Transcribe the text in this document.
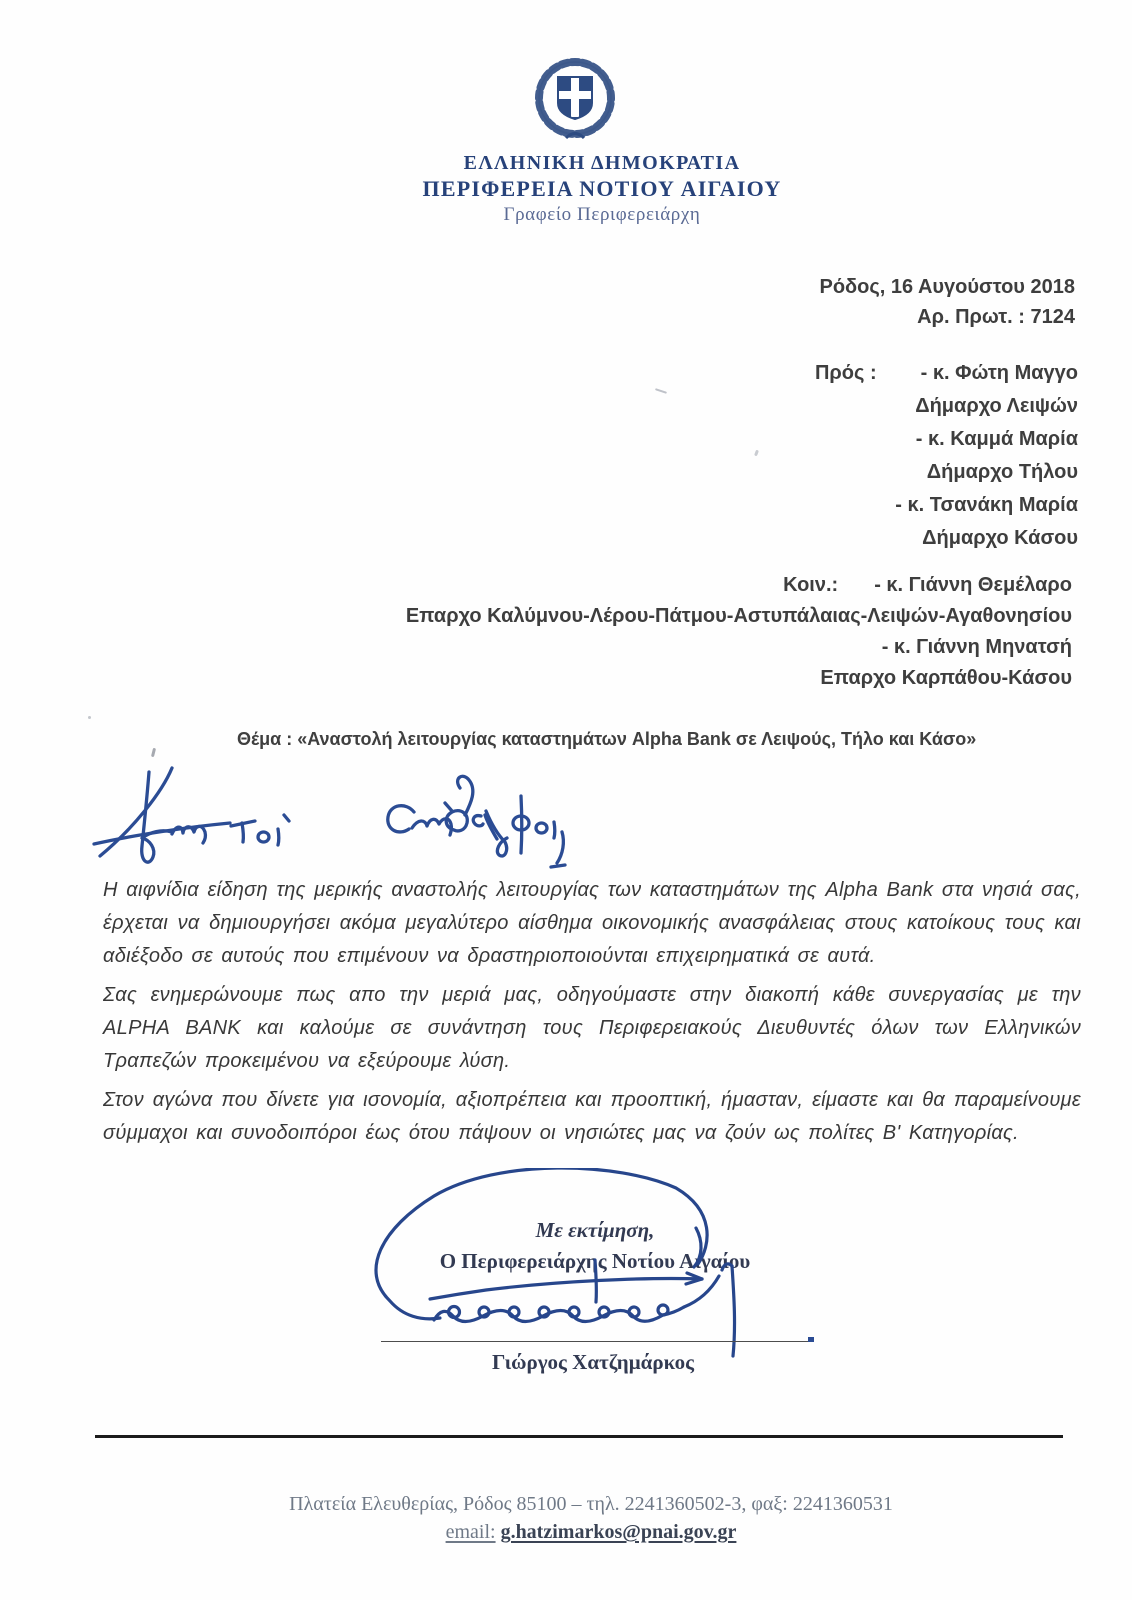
ΕΛΛΗΝΙΚΗ ΔΗΜΟΚΡΑΤΙΑ
ΠΕΡΙΦΕΡΕΙΑ ΝΟΤΙΟΥ ΑΙΓΑΙΟΥ
Γραφείο Περιφερειάρχη
Ρόδος, 16 Αυγούστου 2018
Αρ. Πρωτ. : 7124
Πρός : - κ. Φώτη Μαγγο
Δήμαρχο Λειψών
- κ. Καμμά Μαρία
Δήμαρχο Τήλου
- κ. Τσανάκη Μαρία
Δήμαρχο Κάσου
Κοιν.: - κ. Γιάννη Θεμέλαρο
Επαρχο Καλύμνου-Λέρου-Πάτμου-Αστυπάλαιας-Λειψών-Αγαθονησίου
- κ. Γιάννη Μηνατσή
Επαρχο Καρπάθου-Κάσου
Θέμα : «Αναστολή λειτουργίας καταστημάτων Alpha Bank σε Λειψούς, Τήλο και Κάσο»

Η αιφνίδια είδηση της μερικής αναστολής λειτουργίας των καταστημάτων της Alpha Bank στα νησιά σας, έρχεται να δημιουργήσει ακόμα μεγαλύτερο αίσθημα οικονομικής ανασφάλειας στους κατοίκους τους και αδιέξοδο σε αυτούς που επιμένουν να δραστηριοποιούνται επιχειρηματικά σε αυτά.

Σας ενημερώνουμε πως απο την μεριά μας, οδηγούμαστε στην διακοπή κάθε συνεργασίας με την ALPHA BANK και καλούμε σε συνάντηση τους Περιφερειακούς Διευθυντές όλων των Ελληνικών Τραπεζών προκειμένου να εξεύρουμε λύση.

Στον αγώνα που δίνετε για ισονομία, αξιοπρέπεια και προοπτική, ήμασταν, είμαστε και θα παραμείνουμε σύμμαχοι και συνοδοιπόροι έως ότου πάψουν οι νησιώτες μας να ζούν ως πολίτες Β' Κατηγορίας.

Με εκτίμηση,
Ο Περιφερειάρχης Νοτίου Αιγαίου
Γιώργος Χατζημάρκος
Πλατεία Ελευθερίας, Ρόδος 85100 – τηλ. 2241360502-3, φαξ: 2241360531
email: g.hatzimarkos@pnai.gov.gr
